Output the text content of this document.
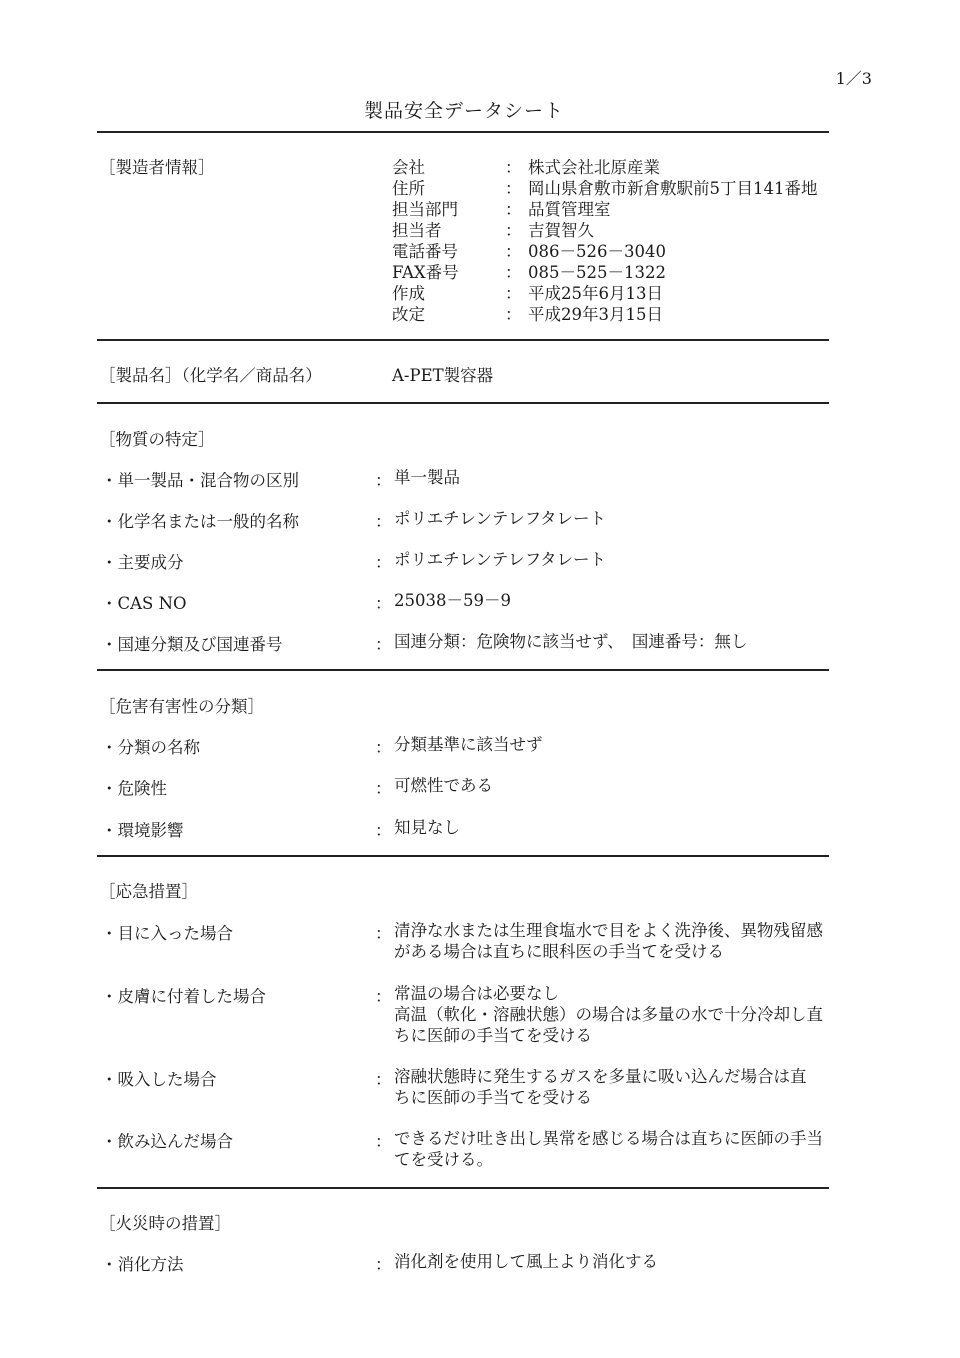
1／3
製品安全データシート
［製造者情報］	会社	： 株式会社北原産業
住所	： 岡山県倉敷市新倉敷駅前5丁目141番地
担当部門	： 品質管理室
担当者	： 吉賀智久
電話番号	： 086－526－3040
FAX番号	： 085－525－1322
作成	： 平成25年6月13日
改定	： 平成29年3月15日
［製品名］（化学名／商品名）	A-PET製容器
［物質の特定］
・単一製品・混合物の区別	： 単一製品
・化学名または一般的名称	： ポリエチレンテレフタレート
・主要成分	： ポリエチレンテレフタレート
・CAS NO	： 25038－59－9
・国連分類及び国連番号	： 国連分類：危険物に該当せず、　国連番号：無し
［危害有害性の分類］
・分類の名称	： 分類基準に該当せず
・危険性	： 可燃性である
・環境影響	： 知見なし
［応急措置］
・目に入った場合	： 清浄な水または生理食塩水で目をよく洗浄後、異物残留感
がある場合は直ちに眼科医の手当てを受ける
・皮膚に付着した場合	： 常温の場合は必要なし
高温（軟化・溶融状態）の場合は多量の水で十分冷却し直
ちに医師の手当てを受ける
・吸入した場合	： 溶融状態時に発生するガスを多量に吸い込んだ場合は直
ちに医師の手当てを受ける
・飲み込んだ場合	： できるだけ吐き出し異常を感じる場合は直ちに医師の手当
てを受ける。
［火災時の措置］
・消化方法	： 消化剤を使用して風上より消化する
